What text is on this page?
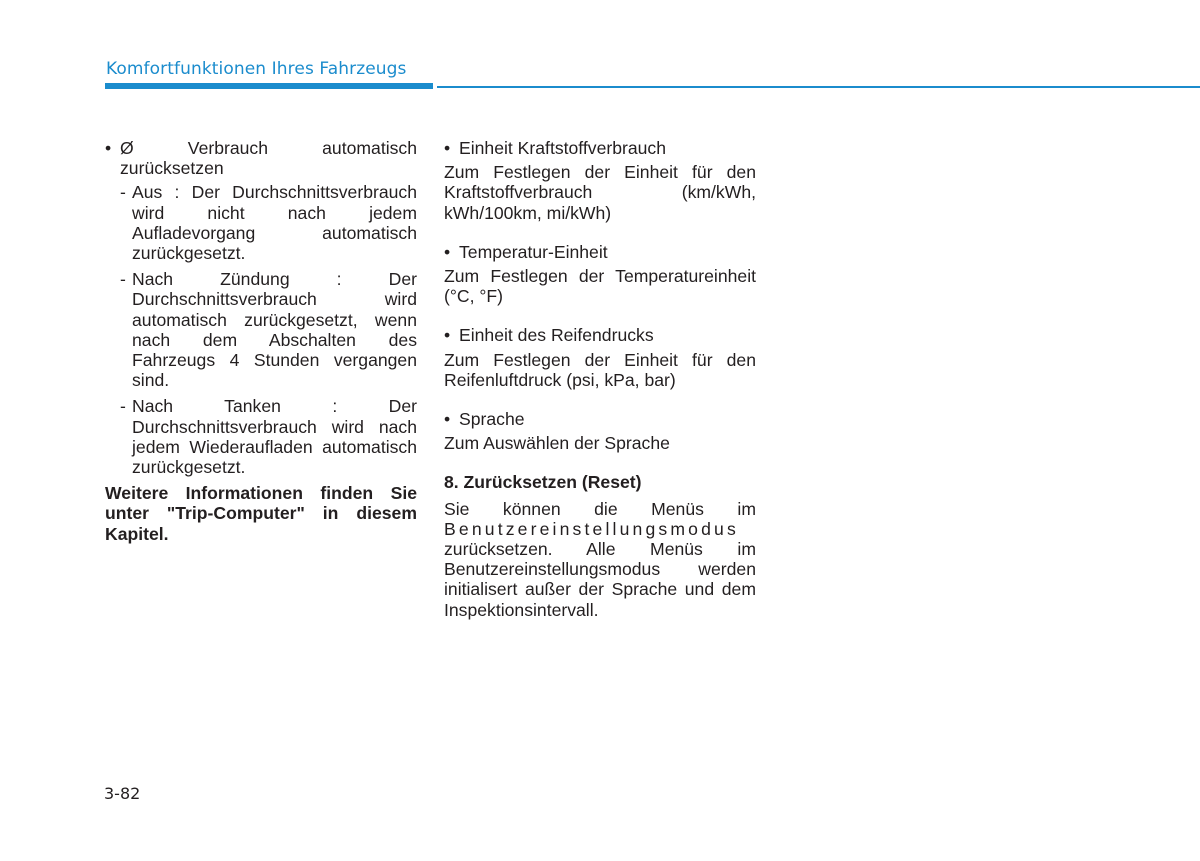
Komfortfunktionen Ihres Fahrzeugs
• Ø Verbrauch automatisch zurücksetzen
- Aus : Der Durchschnittsverbrauch wird nicht nach jedem Aufladevorgang automatisch zurückgesetzt.
- Nach Zündung : Der Durchschnittsverbrauch wird automatisch zurückgesetzt, wenn nach dem Abschalten des Fahrzeugs 4 Stunden vergangen sind.
- Nach Tanken : Der Durchschnittsverbrauch wird nach jedem Wiederaufladen automatisch zurückgesetzt.

Weitere Informationen finden Sie unter "Trip-Computer" in diesem Kapitel.

• Einheit Kraftstoffverbrauch

Zum Festlegen der Einheit für den Kraftstoffverbrauch (km/kWh, kWh/100km, mi/kWh)

• Temperatur-Einheit

Zum Festlegen der Temperatureinheit (°C, °F)

• Einheit des Reifendrucks

Zum Festlegen der Einheit für den Reifenluftdruck (psi, kPa, bar)

• Sprache

Zum Auswählen der Sprache

8. Zurücksetzen (Reset)

Sie können die Menüs im
Benutzereinstellungsmodus
zurücksetzen. Alle Menüs im Benutzereinstellungsmodus werden initialisert außer der Sprache und dem Inspektionsintervall.
3-82
